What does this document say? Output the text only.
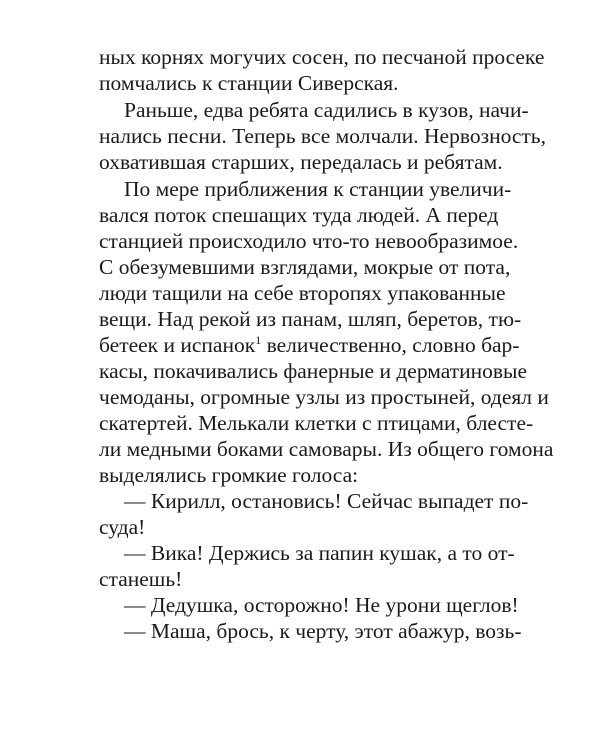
ных корнях могучих сосен, по песчаной просеке
помчались к станции Сиверская.
Раньше, едва ребята садились в кузов, начи-
нались песни. Теперь все молчали. Нервозность,
охватившая старших, передалась и ребятам.
По мере приближения к станции увеличи-
вался поток спешащих туда людей. А перед
станцией происходило что-то невообразимое.
С обезумевшими взглядами, мокрые от пота,
люди тащили на себе второпях упакованные
вещи. Над рекой из панам, шляп, беретов, тю-
бетеек и испанок$^1$ величественно, словно бар-
касы, покачивались фанерные и дерматиновые
чемоданы, огромные узлы из простыней, одеял и
скатертей. Мелькали клетки с птицами, блесте-
ли медными боками самовары. Из общего гомона
выделялись громкие голоса:
— Кирилл, остановись! Сейчас выпадет по-
суда!
— Вика! Держись за папин кушак, а то от-
станешь!
— Дедушка, осторожно! Не урони щеглов!
— Маша, брось, к черту, этот абажур, возь-
